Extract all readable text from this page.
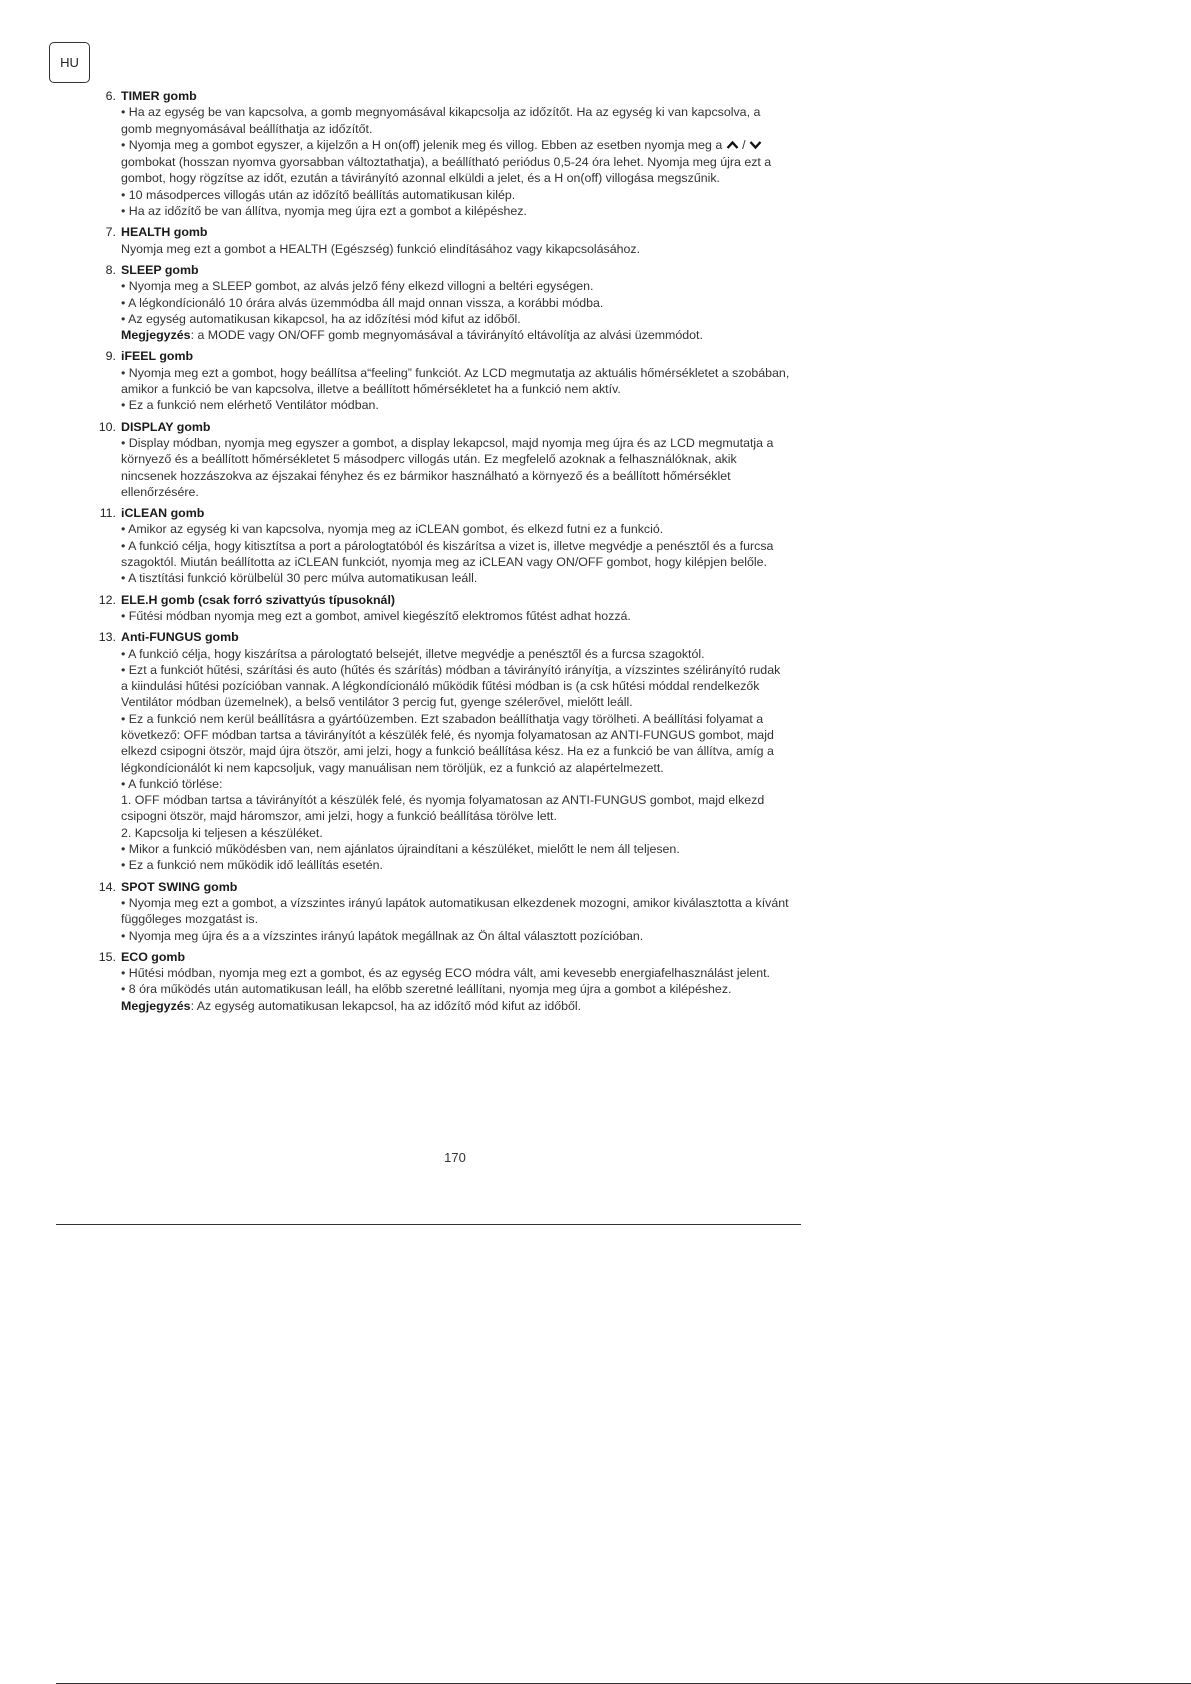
HU
6. TIMER gomb
• Ha az egység be van kapcsolva, a gomb megnyomásával kikapcsolja az időzítőt. Ha az egység ki van kapcsolva, a gomb megnyomásával beállíthatja az időzítőt.
• Nyomja meg a gombot egyszer, a kijelzőn a H on(off) jelenik meg és villog. Ebben az esetben nyomja meg a  /  gombokat (hosszan nyomva gyorsabban változtathatja), a beállítható periódus 0,5-24 óra lehet. Nyomja meg újra ezt a gombot, hogy rögzítse az időt, ezután a távirányító azonnal elküldi a jelet, és a H on(off) villogása megszűnik.
• 10 másodperces villogás után az időzítő beállítás automatikusan kilép.
• Ha az időzítő be van állítva, nyomja meg újra ezt a gombot a kilépéshez.
7. HEALTH gomb
Nyomja meg ezt a gombot a HEALTH (Egészség) funkció elindításához vagy kikapcsolásához.
8. SLEEP gomb
• Nyomja meg a SLEEP gombot, az alvás jelző fény elkezd villogni a beltéri egységen.
• A légkondícionáló 10 órára alvás üzemmódba áll majd onnan vissza, a korábbi módba.
• Az egység automatikusan kikapcsol, ha az időzítési mód kifut az időből.
Megjegyzés: a MODE vagy ON/OFF gomb megnyomásával a távirányító eltávolítja az alvási üzemmódot.
9. iFEEL gomb
• Nyomja meg ezt a gombot, hogy beállítsa a“feeling” funkciót. Az LCD megmutatja az aktuális hőmérsékletet a szobában, amikor a funkció be van kapcsolva, illetve a beállított hőmérsékletet ha a funkció nem aktív.
• Ez a funkció nem elérhető Ventilátor módban.
10. DISPLAY gomb
• Display módban, nyomja meg egyszer a gombot, a display lekapcsol, majd nyomja meg újra és az LCD megmutatja a környező és a beállított hőmérsékletet 5 másodperc villogás után. Ez megfelelő azoknak a felhasználóknak, akik nincsenek hozzászokva az éjszakai fényhez és ez bármikor használható a környező és a beállított hőmérséklet ellenőrzésére.
11. iCLEAN gomb
• Amikor az egység ki van kapcsolva, nyomja meg az iCLEAN gombot, és elkezd futni ez a funkció.
• A funkció célja, hogy kitisztítsa a port a párologtatóból és kiszárítsa a vizet is, illetve megvédje a penésztől és a furcsa szagoktól. Miután beállította az iCLEAN funkciót, nyomja meg az iCLEAN vagy ON/OFF gombot, hogy kilépjen belőle.
• A tisztítási funkció körülbelül 30 perc múlva automatikusan leáll.
12. ELE.H gomb (csak forró szivattyús típusoknál)
• Fűtési módban nyomja meg ezt a gombot, amivel kiegészítő elektromos fűtést adhat hozzá.
13. Anti-FUNGUS gomb
• A funkció célja, hogy kiszárítsa a párologtató belsejét, illetve megvédje a penésztől és a furcsa szagoktól.
• Ezt a funkciót hűtési, szárítási és auto (hűtés és szárítás) módban a távirányító irányítja, a vízszintes szélirányító rudak a kiindulási hűtési pozícióban vannak. A légkondícionáló működik fűtési módban is (a csk hűtési móddal rendelkezők Ventilátor módban üzemelnek), a belső ventilátor 3 percig fut, gyenge szélerővel, mielőtt leáll.
• Ez a funkció nem kerül beállításra a gyártóüzemben. Ezt szabadon beállíthatja vagy törölheti. A beállítási folyamat a következő: OFF módban tartsa a távirányítót a készülék felé, és nyomja folyamatosan az ANTI-FUNGUS gombot, majd elkezd csipogni ötször, majd újra ötször, ami jelzi, hogy a funkció beállítása kész. Ha ez a funkció be van állítva, amíg a légkondícionálót ki nem kapcsoljuk, vagy manuálisan nem töröljük, ez a funkció az alapértelmezett.
• A funkció törlése:
1. OFF módban tartsa a távirányítót a készülék felé, és nyomja folyamatosan az ANTI-FUNGUS gombot, majd elkezd csipogni ötször, majd háromszor, ami jelzi, hogy a funkció beállítása törölve lett.
2. Kapcsolja ki teljesen a készüléket.
• Mikor a funkció működésben van, nem ajánlatos újraindítani a készüléket, mielőtt le nem áll teljesen.
• Ez a funkció nem működik idő leállítás esetén.
14. SPOT SWING gomb
• Nyomja meg ezt a gombot, a vízszintes irányú lapátok automatikusan elkezdenek mozogni, amikor kiválasztotta a kívánt függőleges mozgatást is.
• Nyomja meg újra és a a vízszintes irányú lapátok megállnak az Ön által választott pozícióban.
15. ECO gomb
• Hűtési módban, nyomja meg ezt a gombot, és az egység ECO módra vált, ami kevesebb energiafelhasználást jelent.
• 8 óra működés után automatikusan leáll, ha előbb szeretné leállítani, nyomja meg újra a gombot a kilépéshez.
Megjegyzés: Az egység automatikusan lekapcsol, ha az időzítő mód kifut az időből.
170
